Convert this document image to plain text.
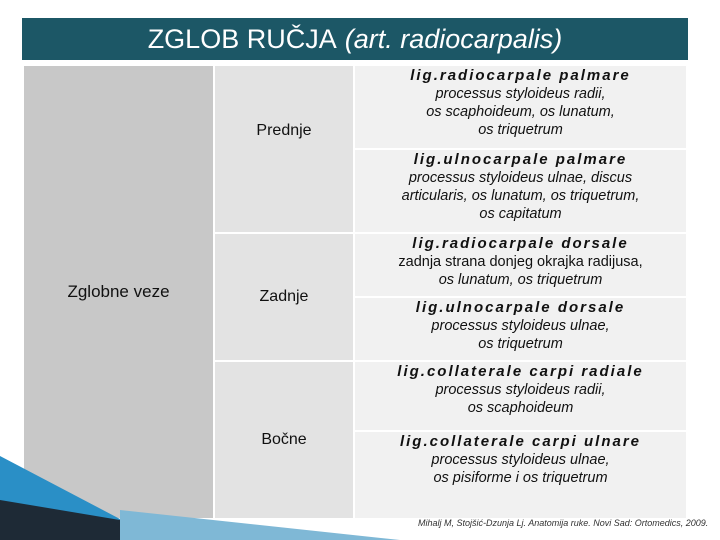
ZGLOB RUČJA (art. radiocarpalis)
Zglobne veze	Prednje	lig.radiocarpale palmare
processus styloideus radii,
os scaphoideum, os lunatum,
os triquetrum

		lig.ulnocarpale palmare
processus styloideus ulnae, discus
articularis, os lunatum, os triquetrum,
os capitatum

	Zadnje	lig.radiocarpale dorsale
zadnja strana donjeg okrajka radijusa,
os lunatum, os triquetrum

		lig.ulnocarpale dorsale
processus styloideus ulnae,
os triquetrum

	Bočne	lig.collaterale carpi radiale
processus styloideus radii,
os scaphoideum

		lig.collaterale carpi ulnare
processus styloideus ulnae,
os pisiforme i os triquetrum
Mihalj M, Stojšić-Dzunja Lj. Anatomija ruke. Novi Sad: Ortomedics, 2009.
